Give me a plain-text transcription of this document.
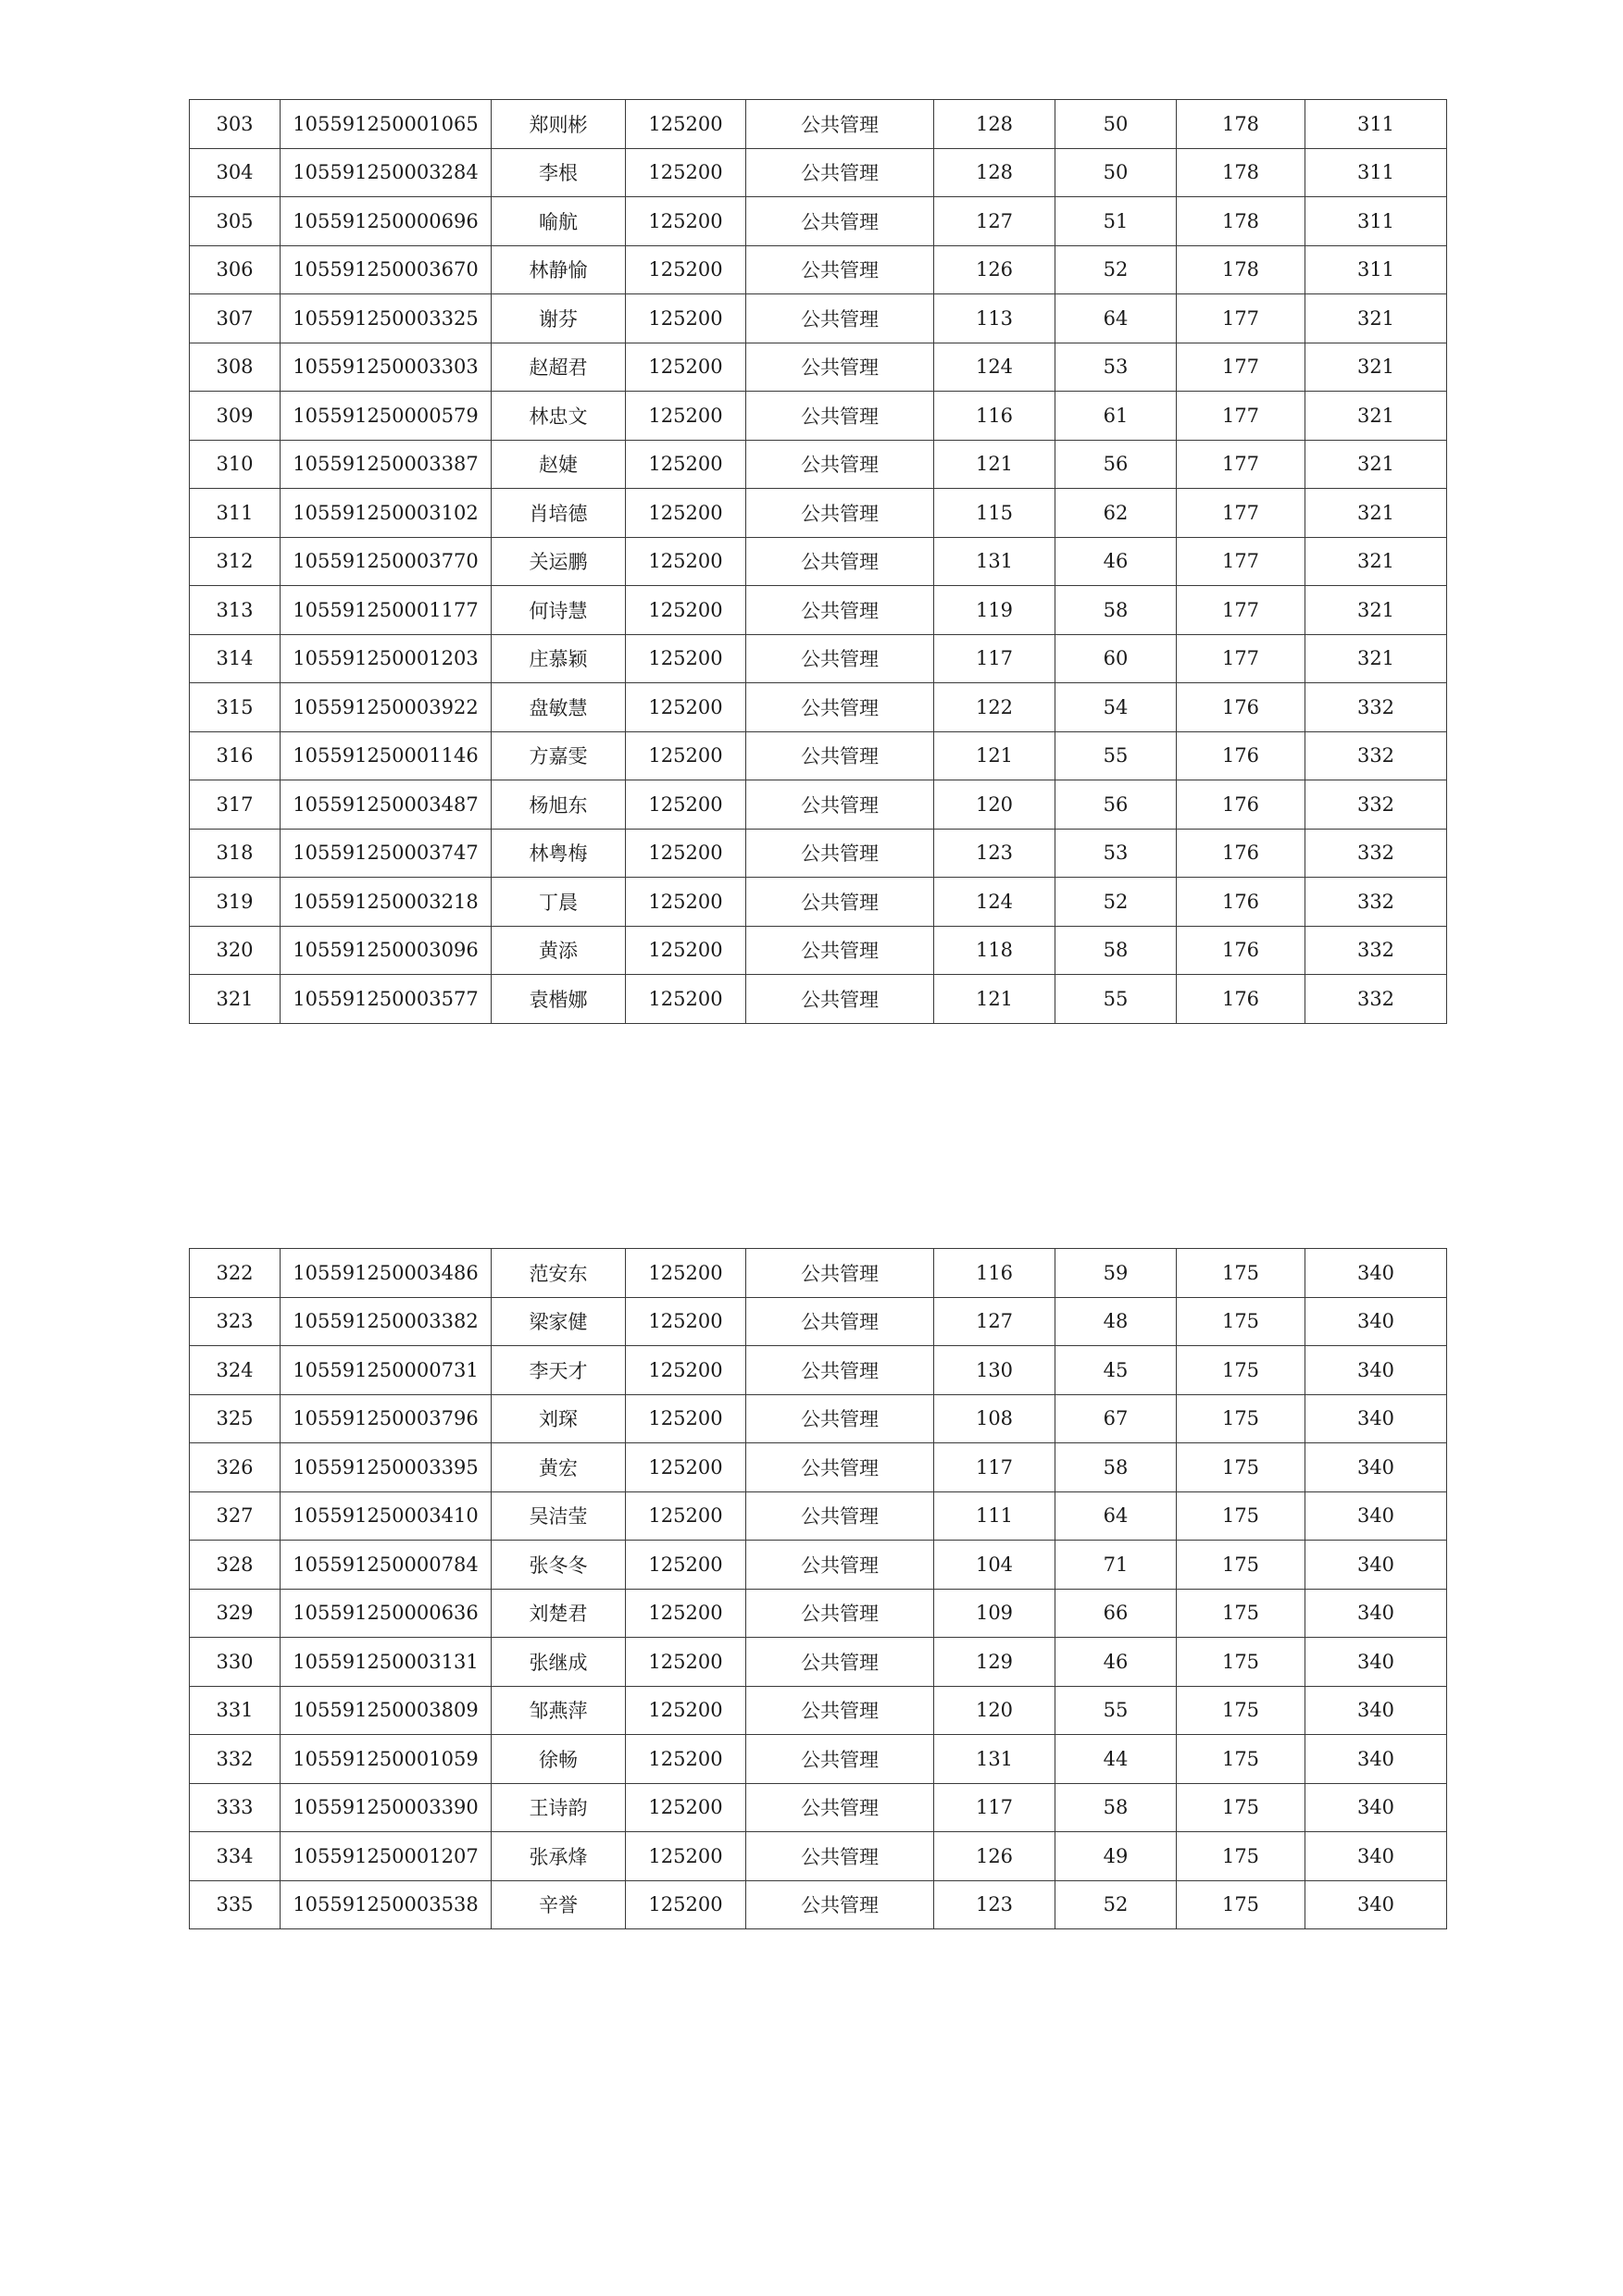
303	105591250001065	郑则彬	125200	公共管理	128	50	178	311
304	105591250003284	李根	125200	公共管理	128	50	178	311
305	105591250000696	喻航	125200	公共管理	127	51	178	311
306	105591250003670	林静愉	125200	公共管理	126	52	178	311
307	105591250003325	谢芬	125200	公共管理	113	64	177	321
308	105591250003303	赵超君	125200	公共管理	124	53	177	321
309	105591250000579	林忠文	125200	公共管理	116	61	177	321
310	105591250003387	赵婕	125200	公共管理	121	56	177	321
311	105591250003102	肖培德	125200	公共管理	115	62	177	321
312	105591250003770	关运鹏	125200	公共管理	131	46	177	321
313	105591250001177	何诗慧	125200	公共管理	119	58	177	321
314	105591250001203	庄慕颖	125200	公共管理	117	60	177	321
315	105591250003922	盘敏慧	125200	公共管理	122	54	176	332
316	105591250001146	方嘉雯	125200	公共管理	121	55	176	332
317	105591250003487	杨旭东	125200	公共管理	120	56	176	332
318	105591250003747	林粤梅	125200	公共管理	123	53	176	332
319	105591250003218	丁晨	125200	公共管理	124	52	176	332
320	105591250003096	黄添	125200	公共管理	118	58	176	332
321	105591250003577	袁楷娜	125200	公共管理	121	55	176	332
322	105591250003486	范安东	125200	公共管理	116	59	175	340
323	105591250003382	梁家健	125200	公共管理	127	48	175	340
324	105591250000731	李天才	125200	公共管理	130	45	175	340
325	105591250003796	刘琛	125200	公共管理	108	67	175	340
326	105591250003395	黄宏	125200	公共管理	117	58	175	340
327	105591250003410	吴洁莹	125200	公共管理	111	64	175	340
328	105591250000784	张冬冬	125200	公共管理	104	71	175	340
329	105591250000636	刘楚君	125200	公共管理	109	66	175	340
330	105591250003131	张继成	125200	公共管理	129	46	175	340
331	105591250003809	邹燕萍	125200	公共管理	120	55	175	340
332	105591250001059	徐畅	125200	公共管理	131	44	175	340
333	105591250003390	王诗韵	125200	公共管理	117	58	175	340
334	105591250001207	张承烽	125200	公共管理	126	49	175	340
335	105591250003538	辛誉	125200	公共管理	123	52	175	340
